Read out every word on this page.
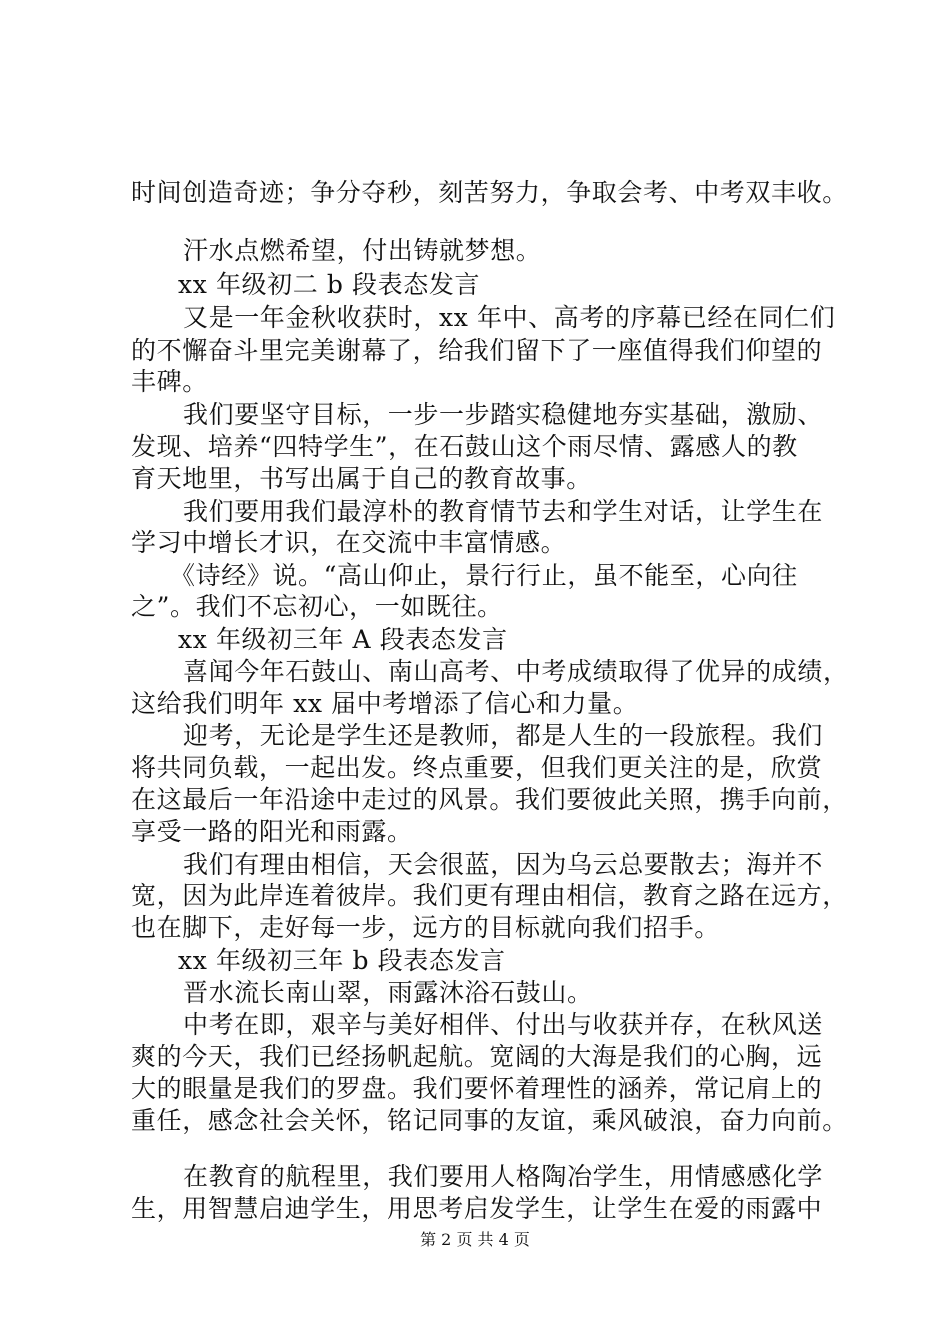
时间创造奇迹；争分夺秒，刻苦努力，争取会考、中考双丰收。
汗水点燃希望，付出铸就梦想。
xx 年级初二 b 段表态发言
又是一年金秋收获时，xx 年中、高考的序幕已经在同仁们
的不懈奋斗里完美谢幕了，给我们留下了一座值得我们仰望的
丰碑。
我们要坚守目标，一步一步踏实稳健地夯实基础，激励、
发现、培养“四特学生”，在石鼓山这个雨尽情、露感人的教
育天地里，书写出属于自己的教育故事。
我们要用我们最淳朴的教育情节去和学生对话，让学生在
学习中增长才识，在交流中丰富情感。
《诗经》说。“高山仰止，景行行止，虽不能至，心向往
之”。我们不忘初心，一如既往。
xx 年级初三年 A 段表态发言
喜闻今年石鼓山、南山高考、中考成绩取得了优异的成绩，
这给我们明年 xx 届中考增添了信心和力量。
迎考，无论是学生还是教师，都是人生的一段旅程。我们
将共同负载，一起出发。终点重要，但我们更关注的是，欣赏
在这最后一年沿途中走过的风景。我们要彼此关照，携手向前，
享受一路的阳光和雨露。
我们有理由相信，天会很蓝，因为乌云总要散去；海并不
宽，因为此岸连着彼岸。我们更有理由相信，教育之路在远方，
也在脚下，走好每一步，远方的目标就向我们招手。
xx 年级初三年 b 段表态发言
晋水流长南山翠，雨露沐浴石鼓山。
中考在即，艰辛与美好相伴、付出与收获并存，在秋风送
爽的今天，我们已经扬帆起航。宽阔的大海是我们的心胸，远
大的眼量是我们的罗盘。我们要怀着理性的涵养，常记肩上的
重任，感念社会关怀，铭记同事的友谊，乘风破浪，奋力向前。
在教育的航程里，我们要用人格陶冶学生，用情感感化学
生，用智慧启迪学生，用思考启发学生，让学生在爱的雨露中
第 2 页 共 4 页
